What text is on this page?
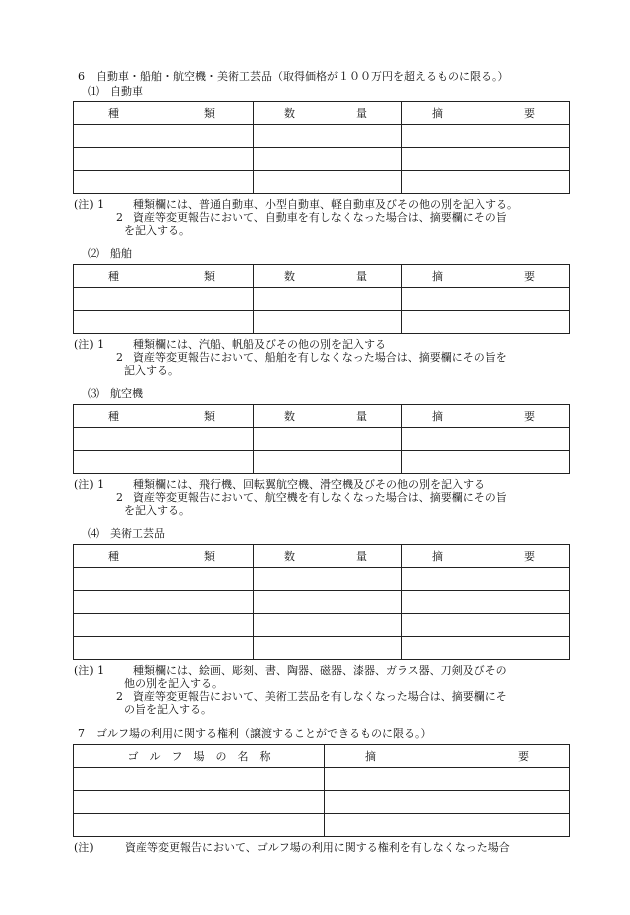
6　自動車・船舶・航空機・美術工芸品（取得価格が１００万円を超えるものに限る。）
⑴　自動車
種 類	数 量	摘 要

(注) 1	種類欄には、普通自動車、小型自動車、軽自動車及びその他の別を記入する。
2 資産等変更報告において、自動車を有しなくなった場合は、摘要欄にその旨
を記入する。
⑵　船舶
種 類	数 量	摘 要

(注) 1	種類欄には、汽船、帆船及びその他の別を記入する
2 資産等変更報告において、船舶を有しなくなった場合は、摘要欄にその旨を
記入する。
⑶　航空機
種 類	数 量	摘 要

(注) 1	種類欄には、飛行機、回転翼航空機、滑空機及びその他の別を記入する
2 資産等変更報告において、航空機を有しなくなった場合は、摘要欄にその旨
を記入する。
⑷　美術工芸品
種 類	数 量	摘 要

(注) 1	種類欄には、絵画、彫刻、書、陶器、磁器、漆器、ガラス器、刀剣及びその
他の別を記入する。
2 資産等変更報告において、美術工芸品を有しなくなった場合は、摘要欄にそ
の旨を記入する。
7　ゴルフ場の利用に関する権利（譲渡することができるものに限る。）
ゴ　ル　フ　場　の　名　称	摘 要

(注)	資産等変更報告において、ゴルフ場の利用に関する権利を有しなくなった場合
